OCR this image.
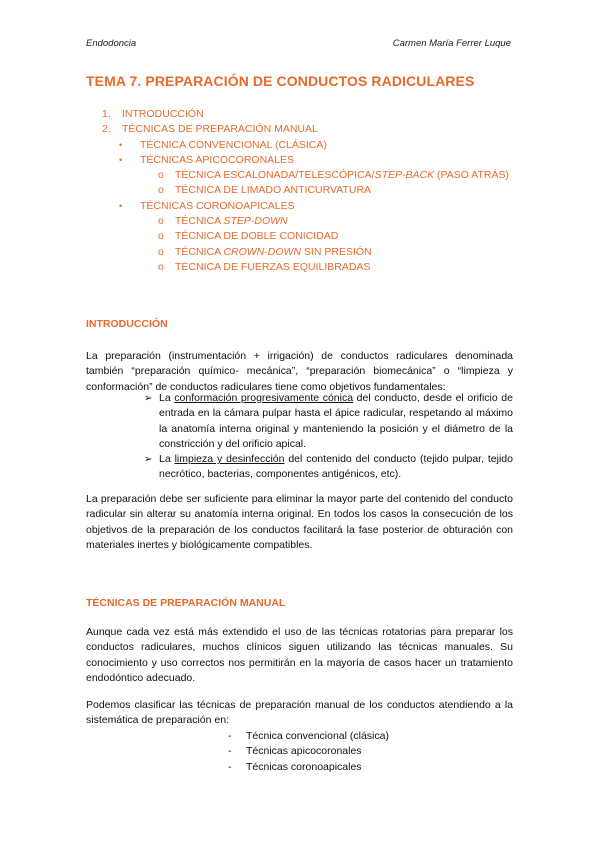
Endodoncia	Carmen María Ferrer Luque
TEMA 7. PREPARACIÓN DE CONDUCTOS RADICULARES
1. INTRODUCCIÓN
2. TÉCNICAS DE PREPARACIÓN MANUAL
• TÉCNICA CONVENCIONAL (CLÁSICA)
• TÉCNICAS APICOCORONALES
o TÉCNICA ESCALONADA/TELESCÓPICA/STEP-BACK (PASO ATRÁS)
o TÉCNICA DE LIMADO ANTICURVATURA
• TÉCNICAS CORONOAPICALES
o TÉCNICA STEP-DOWN
o TÉCNICA DE DOBLE CONICIDAD
o TÉCNICA CROWN-DOWN SIN PRESIÓN
o TÉCNICA DE FUERZAS EQUILIBRADAS
INTRODUCCIÓN

La preparación (instrumentación + irrigación) de conductos radiculares denominada también “preparación químico- mecánica”, “preparación biomecánica” o “limpieza y conformación” de conductos radiculares tiene como objetivos fundamentales:

➢ La conformación progresivamente cónica del conducto, desde el orificio de entrada en la cámara pulpar hasta el ápice radicular, respetando al máximo la anatomía interna original y manteniendo la posición y el diámetro de la constricción y del orificio apical.
➢ La limpieza y desinfección del contenido del conducto (tejido pulpar, tejido necrótico, bacterias, componentes antigénicos, etc).

La preparación debe ser suficiente para eliminar la mayor parte del contenido del conducto radicular sin alterar su anatomía interna original. En todos los casos la consecución de los objetivos de la preparación de los conductos facilitará la fase posterior de obturación con materiales inertes y biológicamente compatibles.

TÉCNICAS DE PREPARACIÓN MANUAL

Aunque cada vez está más extendido el uso de las técnicas rotatorias para preparar los conductos radiculares, muchos clínicos siguen utilizando las técnicas manuales. Su conocimiento y uso correctos nos permitirán en la mayoría de casos hacer un tratamiento endodóntico adecuado.

Podemos clasificar las técnicas de preparación manual de los conductos atendiendo a la sistemática de preparación en:

- Técnica convencional (clásica)
- Técnicas apicocoronales
- Técnicas coronoapicales
